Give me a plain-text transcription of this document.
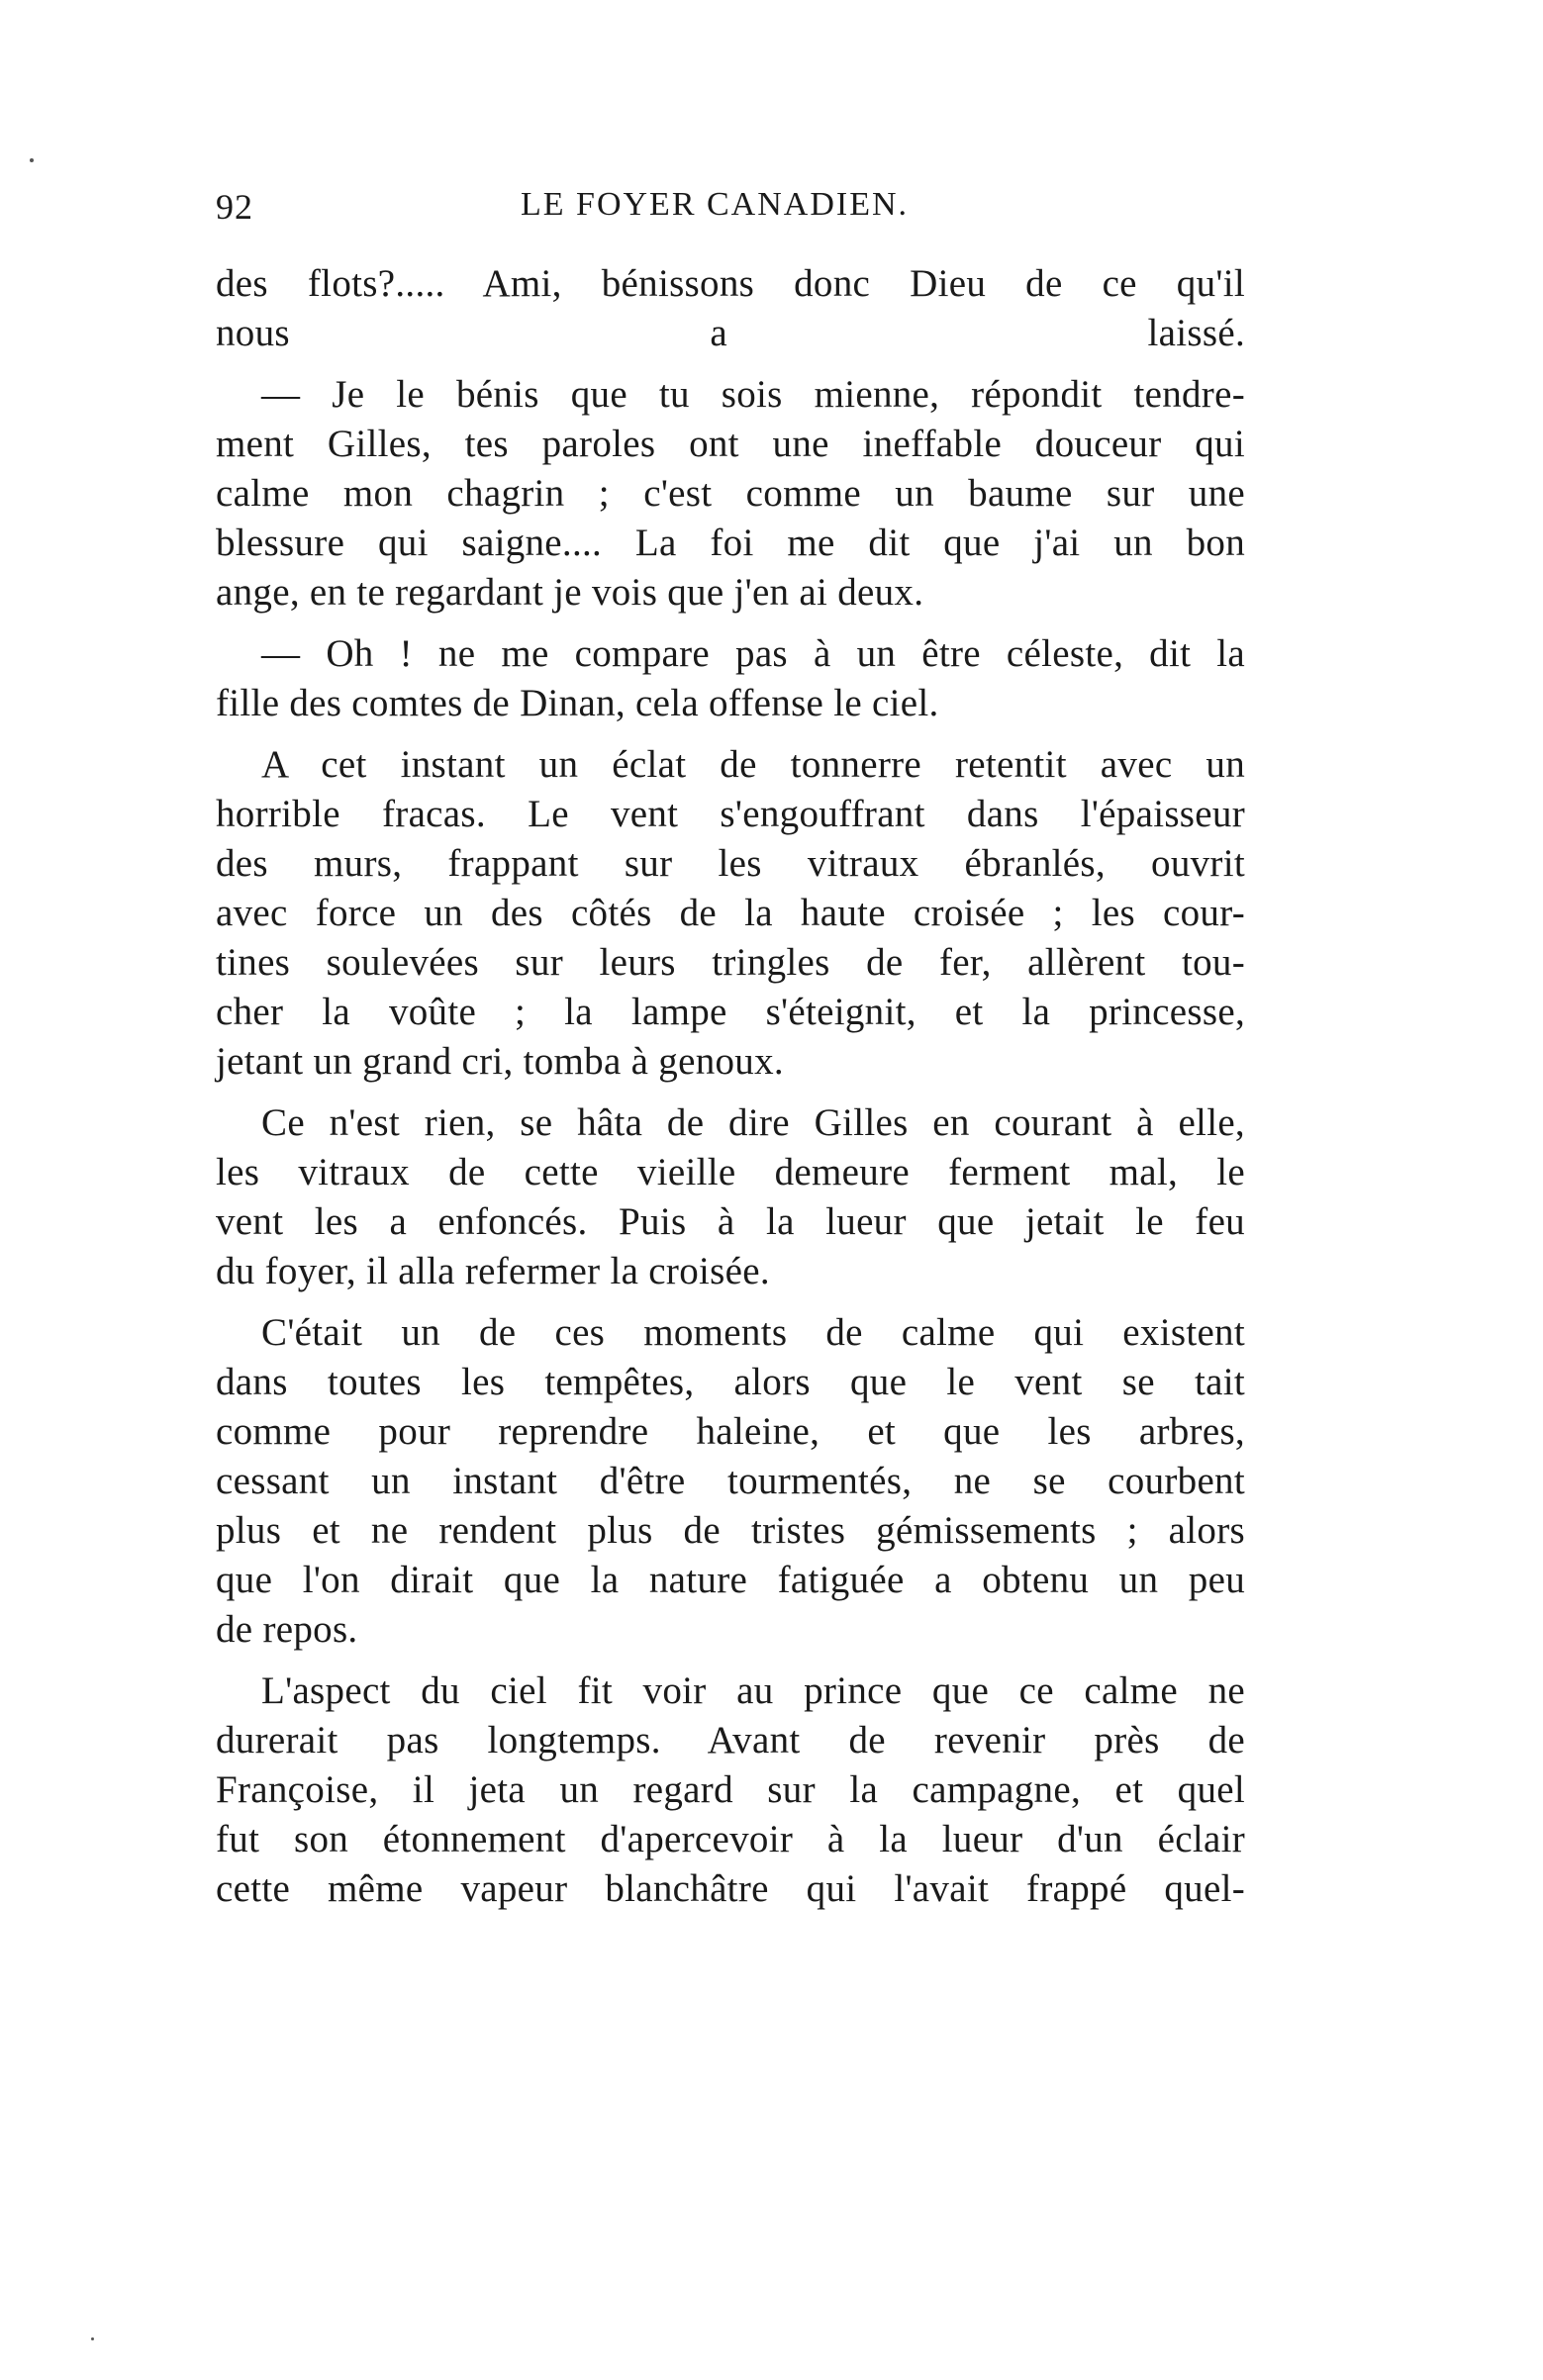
92	LE FOYER CANADIEN.
des flots?..... Ami, bénissons donc Dieu de ce qu'il
nous a laissé.
— Je le bénis que tu sois mienne, répondit tendre-
ment Gilles, tes paroles ont une ineffable douceur qui
calme mon chagrin ; c'est comme un baume sur une
blessure qui saigne.... La foi me dit que j'ai un bon
ange, en te regardant je vois que j'en ai deux.
— Oh ! ne me compare pas à un être céleste, dit la
fille des comtes de Dinan, cela offense le ciel.
A cet instant un éclat de tonnerre retentit avec un
horrible fracas. Le vent s'engouffrant dans l'épaisseur
des murs, frappant sur les vitraux ébranlés, ouvrit
avec force un des côtés de la haute croisée ; les cour-
tines soulevées sur leurs tringles de fer, allèrent tou-
cher la voûte ; la lampe s'éteignit, et la princesse,
jetant un grand cri, tomba à genoux.
Ce n'est rien, se hâta de dire Gilles en courant à elle,
les vitraux de cette vieille demeure ferment mal, le
vent les a enfoncés. Puis à la lueur que jetait le feu
du foyer, il alla refermer la croisée.
C'était un de ces moments de calme qui existent
dans toutes les tempêtes, alors que le vent se tait
comme pour reprendre haleine, et que les arbres,
cessant un instant d'être tourmentés, ne se courbent
plus et ne rendent plus de tristes gémissements ; alors
que l'on dirait que la nature fatiguée a obtenu un peu
de repos.
L'aspect du ciel fit voir au prince que ce calme ne
durerait pas longtemps. Avant de revenir près de
Françoise, il jeta un regard sur la campagne, et quel
fut son étonnement d'apercevoir à la lueur d'un éclair
cette même vapeur blanchâtre qui l'avait frappé quel-
